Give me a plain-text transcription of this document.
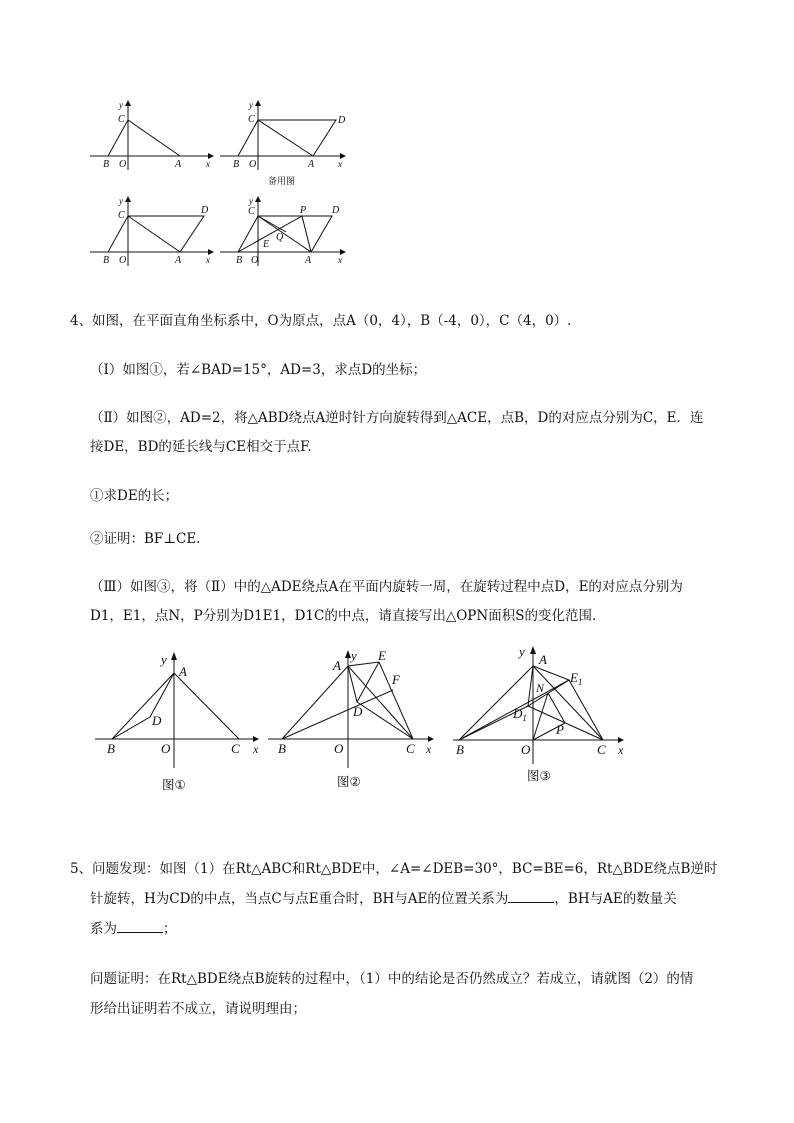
y
C
B O	A	x
y
C	D
B O	A	x
备用图
y
C	D
B O	A	x
y
C	P	D
Q
E
B O	A	x
4、 如图，在平面直角坐标系中，O为原点，点A（0，4），B（-4，0），C（4，0）.
（Ⅰ）如图①，若∠BAD=15°，AD=3，求点D的坐标；
（Ⅱ）如图②，AD=2，将△ABD绕点A逆时针方向旋转得到△ACE，点B，D的对应点分别为C，E．连
接DE，BD的延长线与CE相交于点F.
①求DE的长；
②证明：BF⊥CE.
（Ⅲ）如图③，将（Ⅱ）中的△ADE绕点A在平面内旋转一周，在旋转过程中点D，E的对应点分别为
D1，E1，点N，P分别为D1E1，D1C的中点，请直接写出△OPN面积S的变化范围.
y
A
D
B	O	C x
图①
y
A
E
F
D
B	O	C x
图②
y
A
$E_1$
N
$D_1$
P
B	O	C x
图③
5、 问题发现：如图（1）在Rt△ABC和Rt△BDE中，∠A=∠DEB=30°，BC=BE=6，Rt△BDE绕点B逆时
针旋转，H为CD的中点，当点C与点E重合时，BH与AE的位置关系为	，BH与AE的数量关
系为	；
问题证明：在Rt△BDE绕点B旋转的过程中，（1）中的结论是否仍然成立？若成立，请就图（2）的情
形给出证明若不成立，请说明理由；
